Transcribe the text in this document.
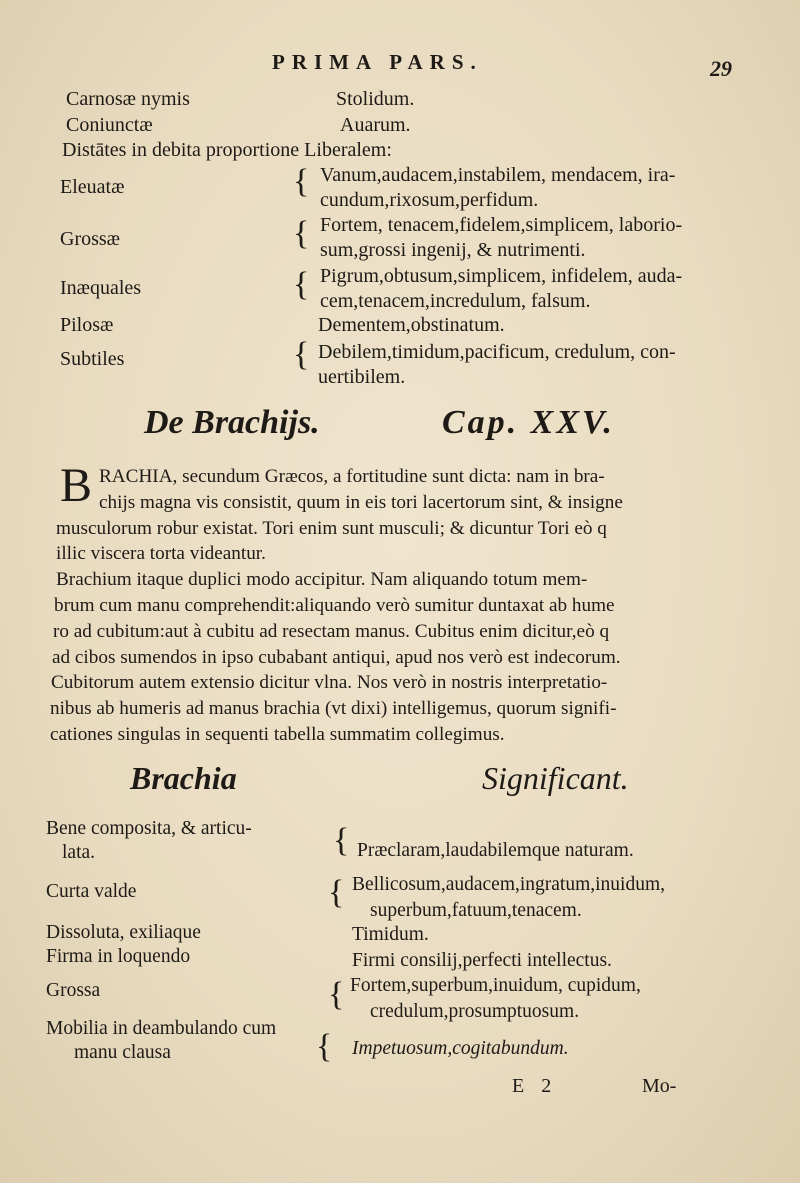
PRIMA PARS.	29
Carnosæ nymis	Stolidum.
Coniunctæ	Auarum.
Distātes in debita proportione Liberalem:
Eleuatæ	{ Vanum,audacem,instabilem, mendacem, ira-
cundum,rixosum,perfidum.
Grossæ	{ Fortem, tenacem,fidelem,simplicem, laborio-
sum,grossi ingenij, & nutrimenti.
Inæquales	{ Pigrum,obtusum,simplicem, infidelem, auda-
cem,tenacem,incredulum, falsum.
Pilosæ	Dementem,obstinatum.
Subtiles	{ Debilem,timidum,pacificum, credulum, con-
uertibilem.
De Brachijs.	Cap. XXV.
B RACHIA, secundum Græcos, a fortitudine sunt dicta: nam in bra-
chijs magna vis consistit, quum in eis tori lacertorum sint, & insigne
musculorum robur existat. Tori enim sunt musculi; & dicuntur Tori eò q
illic viscera torta videantur.
Brachium itaque duplici modo accipitur. Nam aliquando totum mem-
brum cum manu comprehendit:aliquando verò sumitur duntaxat ab hume
ro ad cubitum:aut à cubitu ad resectam manus. Cubitus enim dicitur,eò q
ad cibos sumendos in ipso cubabant antiqui, apud nos verò est indecorum.
Cubitorum autem extensio dicitur vlna. Nos verò in nostris interpretatio-
nibus ab humeris ad manus brachia (vt dixi) intelligemus, quorum signifi-
cationes singulas in sequenti tabella summatim collegimus.
Brachia	Significant.
Bene composita, & articu-
lata.	{ Præclaram,laudabilemque naturam.
Curta valde	{ Bellicosum,audacem,ingratum,inuidum,
superbum,fatuum,tenacem.
Dissoluta, exiliaque	Timidum.
Firma in loquendo	Firmi consilij,perfecti intellectus.
Grossa	{ Fortem,superbum,inuidum, cupidum,
credulum,prosumptuosum.
Mobilia in deambulando cum
manu clausa	{ Impetuosum,cogitabundum.
E 2	Mo-
